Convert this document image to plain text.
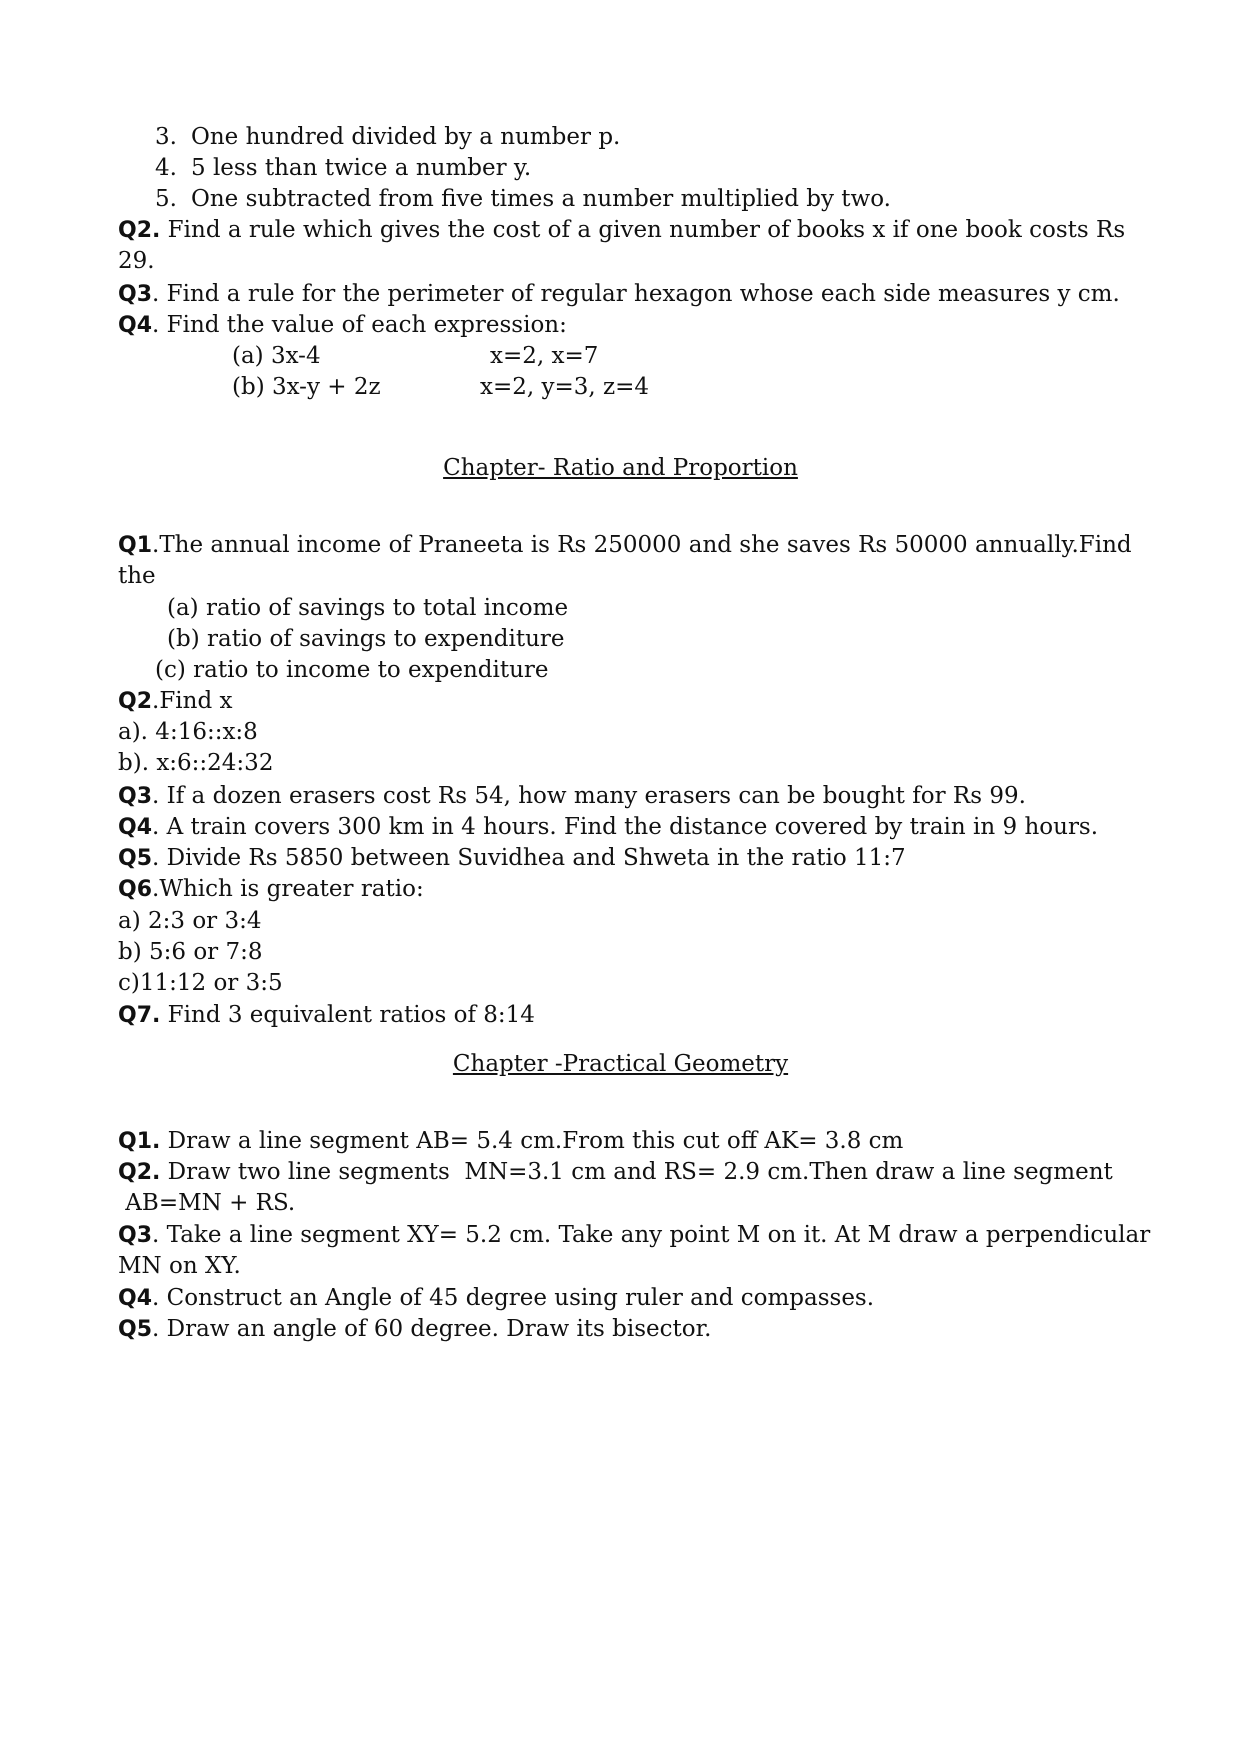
3. One hundred divided by a number p.
4. 5 less than twice a number y.
5. One subtracted from five times a number multiplied by two.
Q2. Find a rule which gives the cost of a given number of books x if one book costs Rs
29.
Q3. Find a rule for the perimeter of regular hexagon whose each side measures y cm.
Q4. Find the value of each expression:
(a) 3x-4	x=2, x=7
(b) 3x-y + 2z	x=2, y=3, z=4
Chapter- Ratio and Proportion
Q1.The annual income of Praneeta is Rs 250000 and she saves Rs 50000 annually.Find
the
(a) ratio of savings to total income
(b) ratio of savings to expenditure
(c) ratio to income to expenditure
Q2.Find x
a). 4:16::x:8
b). x:6::24:32
Q3. If a dozen erasers cost Rs 54, how many erasers can be bought for Rs 99.
Q4. A train covers 300 km in 4 hours. Find the distance covered by train in 9 hours.
Q5. Divide Rs 5850 between Suvidhea and Shweta in the ratio 11:7
Q6.Which is greater ratio:
a) 2:3 or 3:4
b) 5:6 or 7:8
c)11:12 or 3:5
Q7. Find 3 equivalent ratios of 8:14
Chapter -Practical Geometry
Q1. Draw a line segment AB= 5.4 cm.From this cut off AK= 3.8 cm
Q2. Draw two line segments  MN=3.1 cm and RS= 2.9 cm.Then draw a line segment
AB=MN + RS.
Q3. Take a line segment XY= 5.2 cm. Take any point M on it. At M draw a perpendicular
MN on XY.
Q4. Construct an Angle of 45 degree using ruler and compasses.
Q5. Draw an angle of 60 degree. Draw its bisector.
